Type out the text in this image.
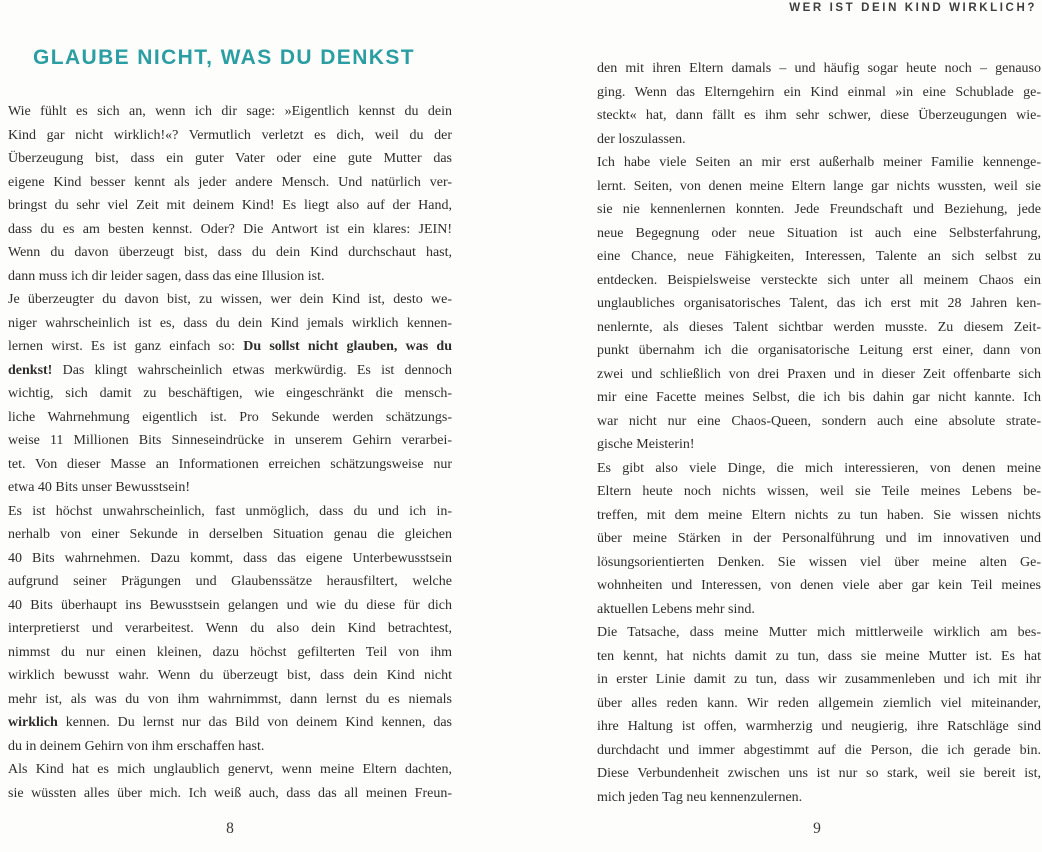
GLAUBE NICHT, WAS DU DENKST
Wie fühlt es sich an, wenn ich dir sage: »Eigentlich kennst du dein
Kind gar nicht wirklich!«? Vermutlich verletzt es dich, weil du der
Überzeugung bist, dass ein guter Vater oder eine gute Mutter das
eigene Kind besser kennt als jeder andere Mensch. Und natürlich ver-
bringst du sehr viel Zeit mit deinem Kind! Es liegt also auf der Hand,
dass du es am besten kennst. Oder? Die Antwort ist ein klares: JEIN!
Wenn du davon überzeugt bist, dass du dein Kind durchschaut hast,
dann muss ich dir leider sagen, dass das eine Illusion ist.
Je überzeugter du davon bist, zu wissen, wer dein Kind ist, desto we-
niger wahrscheinlich ist es, dass du dein Kind jemals wirklich kennen-
lernen wirst. Es ist ganz einfach so: Du sollst nicht glauben, was du
denkst! Das klingt wahrscheinlich etwas merkwürdig. Es ist dennoch
wichtig, sich damit zu beschäftigen, wie eingeschränkt die mensch-
liche Wahrnehmung eigentlich ist. Pro Sekunde werden schätzungs-
weise 11 Millionen Bits Sinneseindrücke in unserem Gehirn verarbei-
tet. Von dieser Masse an Informationen erreichen schätzungsweise nur
etwa 40 Bits unser Bewusstsein!
Es ist höchst unwahrscheinlich, fast unmöglich, dass du und ich in-
nerhalb von einer Sekunde in derselben Situation genau die gleichen
40 Bits wahrnehmen. Dazu kommt, dass das eigene Unterbewusstsein
aufgrund seiner Prägungen und Glaubenssätze herausfiltert, welche
40 Bits überhaupt ins Bewusstsein gelangen und wie du diese für dich
interpretierst und verarbeitest. Wenn du also dein Kind betrachtest,
nimmst du nur einen kleinen, dazu höchst gefilterten Teil von ihm
wirklich bewusst wahr. Wenn du überzeugt bist, dass dein Kind nicht
mehr ist, als was du von ihm wahrnimmst, dann lernst du es niemals
wirklich kennen. Du lernst nur das Bild von deinem Kind kennen, das
du in deinem Gehirn von ihm erschaffen hast.
Als Kind hat es mich unglaublich genervt, wenn meine Eltern dachten,
sie wüssten alles über mich. Ich weiß auch, dass das all meinen Freun-
8
WER IST DEIN KIND WIRKLICH?
den mit ihren Eltern damals – und häufig sogar heute noch – genauso
ging. Wenn das Elterngehirn ein Kind einmal »in eine Schublade ge-
steckt« hat, dann fällt es ihm sehr schwer, diese Überzeugungen wie-
der loszulassen.
Ich habe viele Seiten an mir erst außerhalb meiner Familie kennenge-
lernt. Seiten, von denen meine Eltern lange gar nichts wussten, weil sie
sie nie kennenlernen konnten. Jede Freundschaft und Beziehung, jede
neue Begegnung oder neue Situation ist auch eine Selbsterfahrung,
eine Chance, neue Fähigkeiten, Interessen, Talente an sich selbst zu
entdecken. Beispielsweise versteckte sich unter all meinem Chaos ein
unglaubliches organisatorisches Talent, das ich erst mit 28 Jahren ken-
nenlernte, als dieses Talent sichtbar werden musste. Zu diesem Zeit-
punkt übernahm ich die organisatorische Leitung erst einer, dann von
zwei und schließlich von drei Praxen und in dieser Zeit offenbarte sich
mir eine Facette meines Selbst, die ich bis dahin gar nicht kannte. Ich
war nicht nur eine Chaos-Queen, sondern auch eine absolute strate-
gische Meisterin!
Es gibt also viele Dinge, die mich interessieren, von denen meine
Eltern heute noch nichts wissen, weil sie Teile meines Lebens be-
treffen, mit dem meine Eltern nichts zu tun haben. Sie wissen nichts
über meine Stärken in der Personalführung und im innovativen und
lösungsorientierten Denken. Sie wissen viel über meine alten Ge-
wohnheiten und Interessen, von denen viele aber gar kein Teil meines
aktuellen Lebens mehr sind.
Die Tatsache, dass meine Mutter mich mittlerweile wirklich am bes-
ten kennt, hat nichts damit zu tun, dass sie meine Mutter ist. Es hat
in erster Linie damit zu tun, dass wir zusammenleben und ich mit ihr
über alles reden kann. Wir reden allgemein ziemlich viel miteinander,
ihre Haltung ist offen, warmherzig und neugierig, ihre Ratschläge sind
durchdacht und immer abgestimmt auf die Person, die ich gerade bin.
Diese Verbundenheit zwischen uns ist nur so stark, weil sie bereit ist,
mich jeden Tag neu kennenzulernen.
9
